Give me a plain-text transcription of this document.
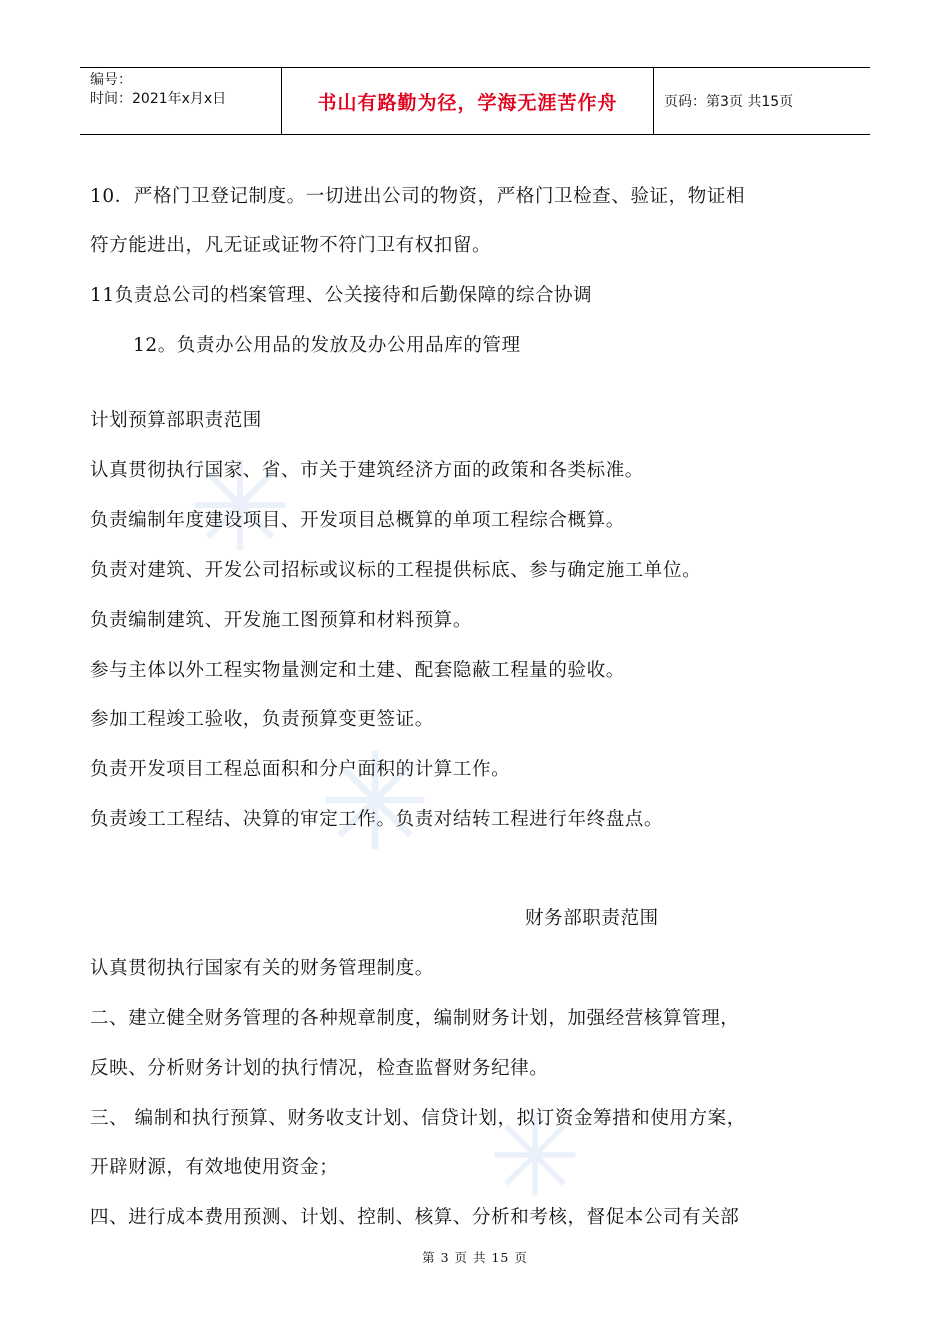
编号：
时间：2021年x月x日	书山有路勤为径，学海无涯苦作舟	页码：第3页 共15页
10．严格门卫登记制度。一切进出公司的物资，严格门卫检查、验证，物证相
符方能进出，凡无证或证物不符门卫有权扣留。
11负责总公司的档案管理、公关接待和后勤保障的综合协调
12。负责办公用品的发放及办公用品库的管理
计划预算部职责范围
认真贯彻执行国家、省、市关于建筑经济方面的政策和各类标准。
负责编制年度建设项目、开发项目总概算的单项工程综合概算。
负责对建筑、开发公司招标或议标的工程提供标底、参与确定施工单位。
负责编制建筑、开发施工图预算和材料预算。
参与主体以外工程实物量测定和土建、配套隐蔽工程量的验收。
参加工程竣工验收，负责预算变更签证。
负责开发项目工程总面积和分户面积的计算工作。
负责竣工工程结、决算的审定工作。负责对结转工程进行年终盘点。
财务部职责范围
认真贯彻执行国家有关的财务管理制度。
二、建立健全财务管理的各种规章制度，编制财务计划，加强经营核算管理，
反映、分析财务计划的执行情况，检查监督财务纪律。
三、 编制和执行预算、财务收支计划、信贷计划，拟订资金筹措和使用方案，
开辟财源，有效地使用资金；
四、进行成本费用预测、计划、控制、核算、分析和考核，督促本公司有关部
第 3 页 共 15 页
